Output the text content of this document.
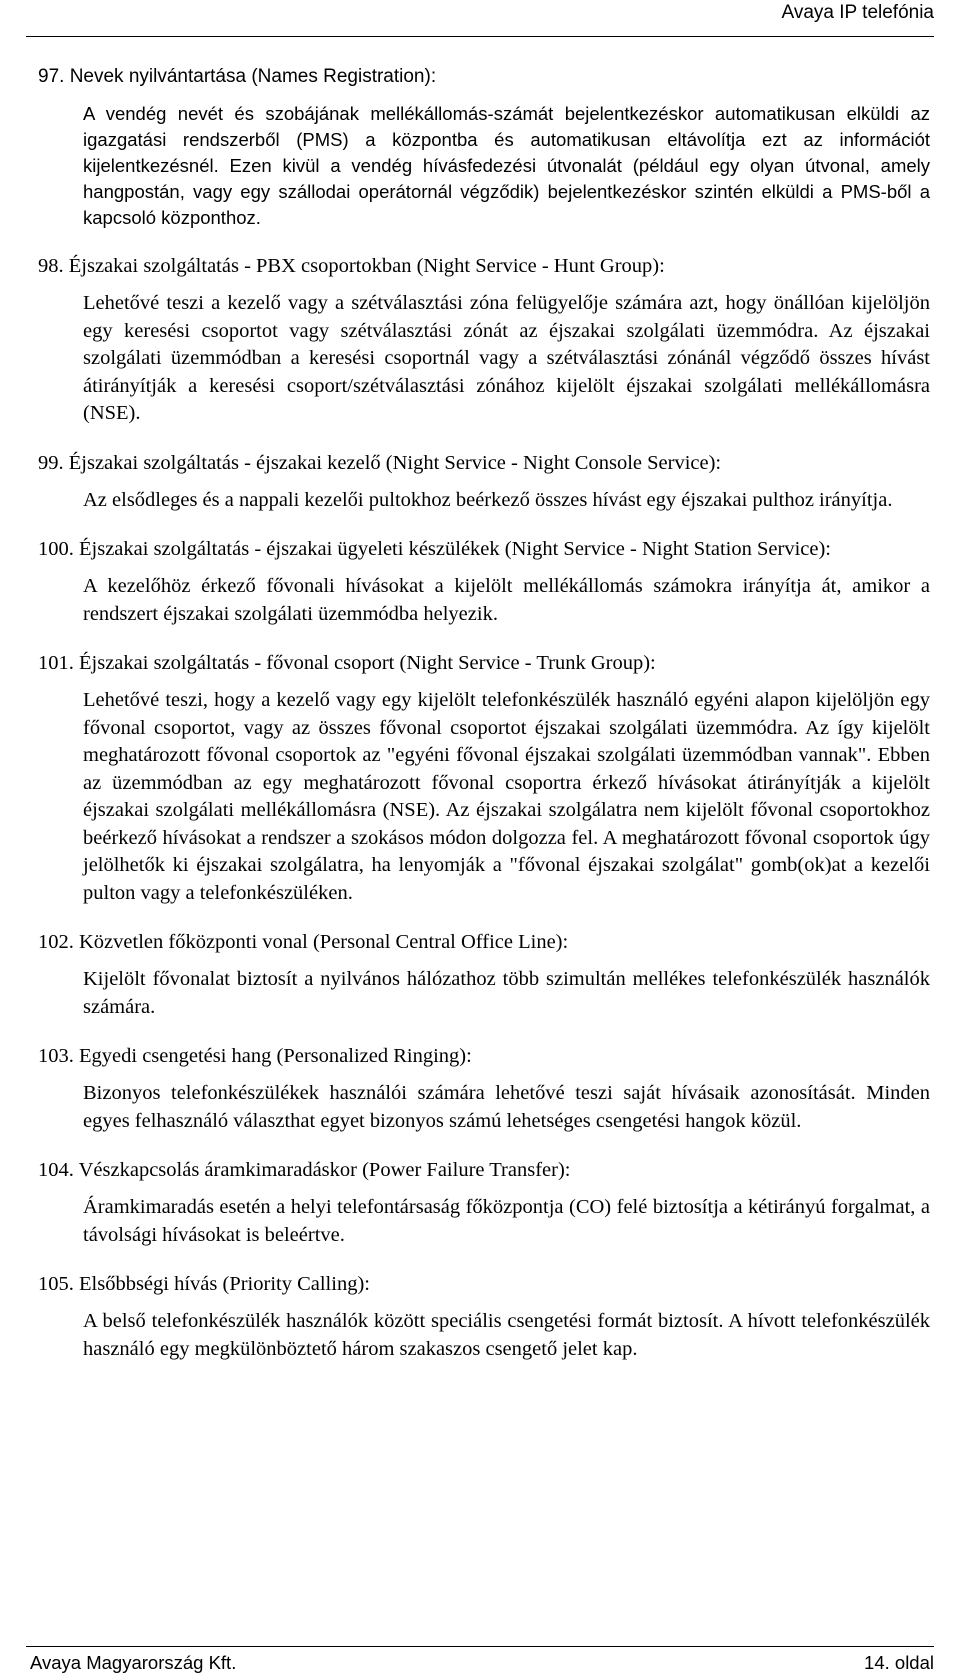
Avaya IP telefónia
97. Nevek nyilvántartása (Names Registration):
A vendég nevét és szobájának mellékállomás-számát bejelentkezéskor automatikusan elküldi az igazgatási rendszerből (PMS) a központba és automatikusan eltávolítja ezt az információt kijelentkezésnél. Ezen kivül a vendég hívásfedezési útvonalát (például egy olyan útvonal, amely hangpostán, vagy egy szállodai operátornál végződik) bejelentkezéskor szintén elküldi a PMS-ből a kapcsoló központhoz.
98. Éjszakai szolgáltatás - PBX csoportokban (Night Service - Hunt Group):
Lehetővé teszi a kezelő vagy a szétválasztási zóna felügyelője számára azt, hogy önállóan kijelöljön egy keresési csoportot vagy szétválasztási zónát az éjszakai szolgálati üzemmódra. Az éjszakai szolgálati üzemmódban a keresési csoportnál vagy a szétválasztási zónánál végződő összes hívást átirányítják a keresési csoport/szétválasztási zónához kijelölt éjszakai szolgálati mellékállomásra (NSE).
99. Éjszakai szolgáltatás - éjszakai kezelő (Night Service - Night Console Service):
Az elsődleges és a nappali kezelői pultokhoz beérkező összes hívást egy éjszakai pulthoz irányítja.
100. Éjszakai szolgáltatás - éjszakai ügyeleti készülékek (Night Service - Night Station Service):
A kezelőhöz érkező fővonali hívásokat a kijelölt mellékállomás számokra irányítja át, amikor a rendszert éjszakai szolgálati üzemmódba helyezik.
101. Éjszakai szolgáltatás - fővonal csoport (Night Service - Trunk Group):
Lehetővé teszi, hogy a kezelő vagy egy kijelölt telefonkészülék használó egyéni alapon kijelöljön egy fővonal csoportot, vagy az összes fővonal csoportot éjszakai szolgálati üzemmódra. Az így kijelölt meghatározott fővonal csoportok az "egyéni fővonal éjszakai szolgálati üzemmódban vannak". Ebben az üzemmódban az egy meghatározott fővonal csoportra érkező hívásokat átirányítják a kijelölt éjszakai szolgálati mellékállomásra (NSE). Az éjszakai szolgálatra nem kijelölt fővonal csoportokhoz beérkező hívásokat a rendszer a szokásos módon dolgozza fel. A meghatározott fővonal csoportok úgy jelölhetők ki éjszakai szolgálatra, ha lenyomják a "fővonal éjszakai szolgálat" gomb(ok)at a kezelői pulton vagy a telefonkészüléken.
102. Közvetlen főközponti vonal (Personal Central Office Line):
Kijelölt fővonalat biztosít a nyilvános hálózathoz több szimultán mellékes telefonkészülék használók számára.
103. Egyedi csengetési hang (Personalized Ringing):
Bizonyos telefonkészülékek használói számára lehetővé teszi saját hívásaik azonosítását. Minden egyes felhasználó választhat egyet bizonyos számú lehetséges csengetési hangok közül.
104. Vészkapcsolás áramkimaradáskor (Power Failure Transfer):
Áramkimaradás esetén a helyi telefontársaság főközpontja (CO) felé biztosítja a kétirányú forgalmat, a távolsági hívásokat is beleértve.
105. Elsőbbségi hívás (Priority Calling):
A belső telefonkészülék használók között speciális csengetési formát biztosít. A hívott telefonkészülék használó egy megkülönböztető három szakaszos csengető jelet kap.
Avaya Magyarország Kft.	14. oldal
